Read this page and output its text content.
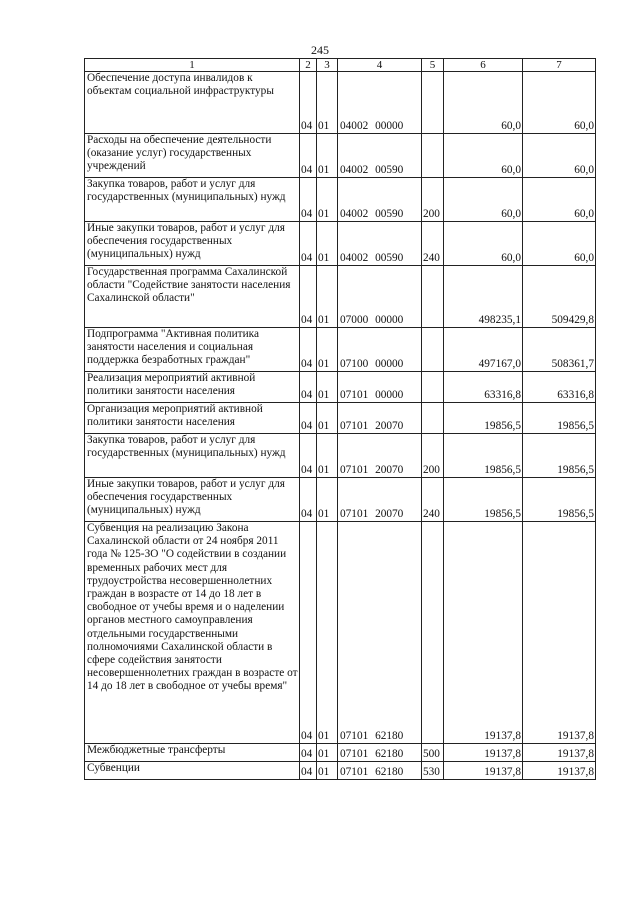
245
1	2	3	4	5	6	7
Обеспечение доступа инвалидов к объектам социальной инфраструктуры	04	01	04002 00000		60,0	60,0
Расходы на обеспечение деятельности (оказание услуг) государственных учреждений	04	01	04002 00590		60,0	60,0
Закупка товаров, работ и услуг для государственных (муниципальных) нужд	04	01	04002 00590	200	60,0	60,0
Иные закупки товаров, работ и услуг для обеспечения государственных (муниципальных) нужд	04	01	04002 00590	240	60,0	60,0
Государственная программа Сахалинской области "Содействие занятости населения Сахалинской области"	04	01	07000 00000		498235,1	509429,8
Подпрограмма "Активная политика занятости населения и социальная поддержка безработных граждан"	04	01	07100 00000		497167,0	508361,7
Реализация мероприятий активной политики занятости населения	04	01	07101 00000		63316,8	63316,8
Организация мероприятий активной политики занятости населения	04	01	07101 20070		19856,5	19856,5
Закупка товаров, работ и услуг для государственных (муниципальных) нужд	04	01	07101 20070	200	19856,5	19856,5
Иные закупки товаров, работ и услуг для обеспечения государственных (муниципальных) нужд	04	01	07101 20070	240	19856,5	19856,5
Субвенция на реализацию Закона Сахалинской области от 24 ноября 2011 года № 125-ЗО "О содействии в создании временных рабочих мест для трудоустройства несовершеннолетних граждан в возрасте от 14 до 18 лет в свободное от учебы время и о наделении органов местного самоуправления отдельными государственными полномочиями Сахалинской области в сфере содействия занятости несовершеннолетних граждан в возрасте от 14 до 18 лет в свободное от учебы время"	04	01	07101 62180		19137,8	19137,8
Межбюджетные трансферты	04	01	07101 62180	500	19137,8	19137,8
Субвенции	04	01	07101 62180	530	19137,8	19137,8
